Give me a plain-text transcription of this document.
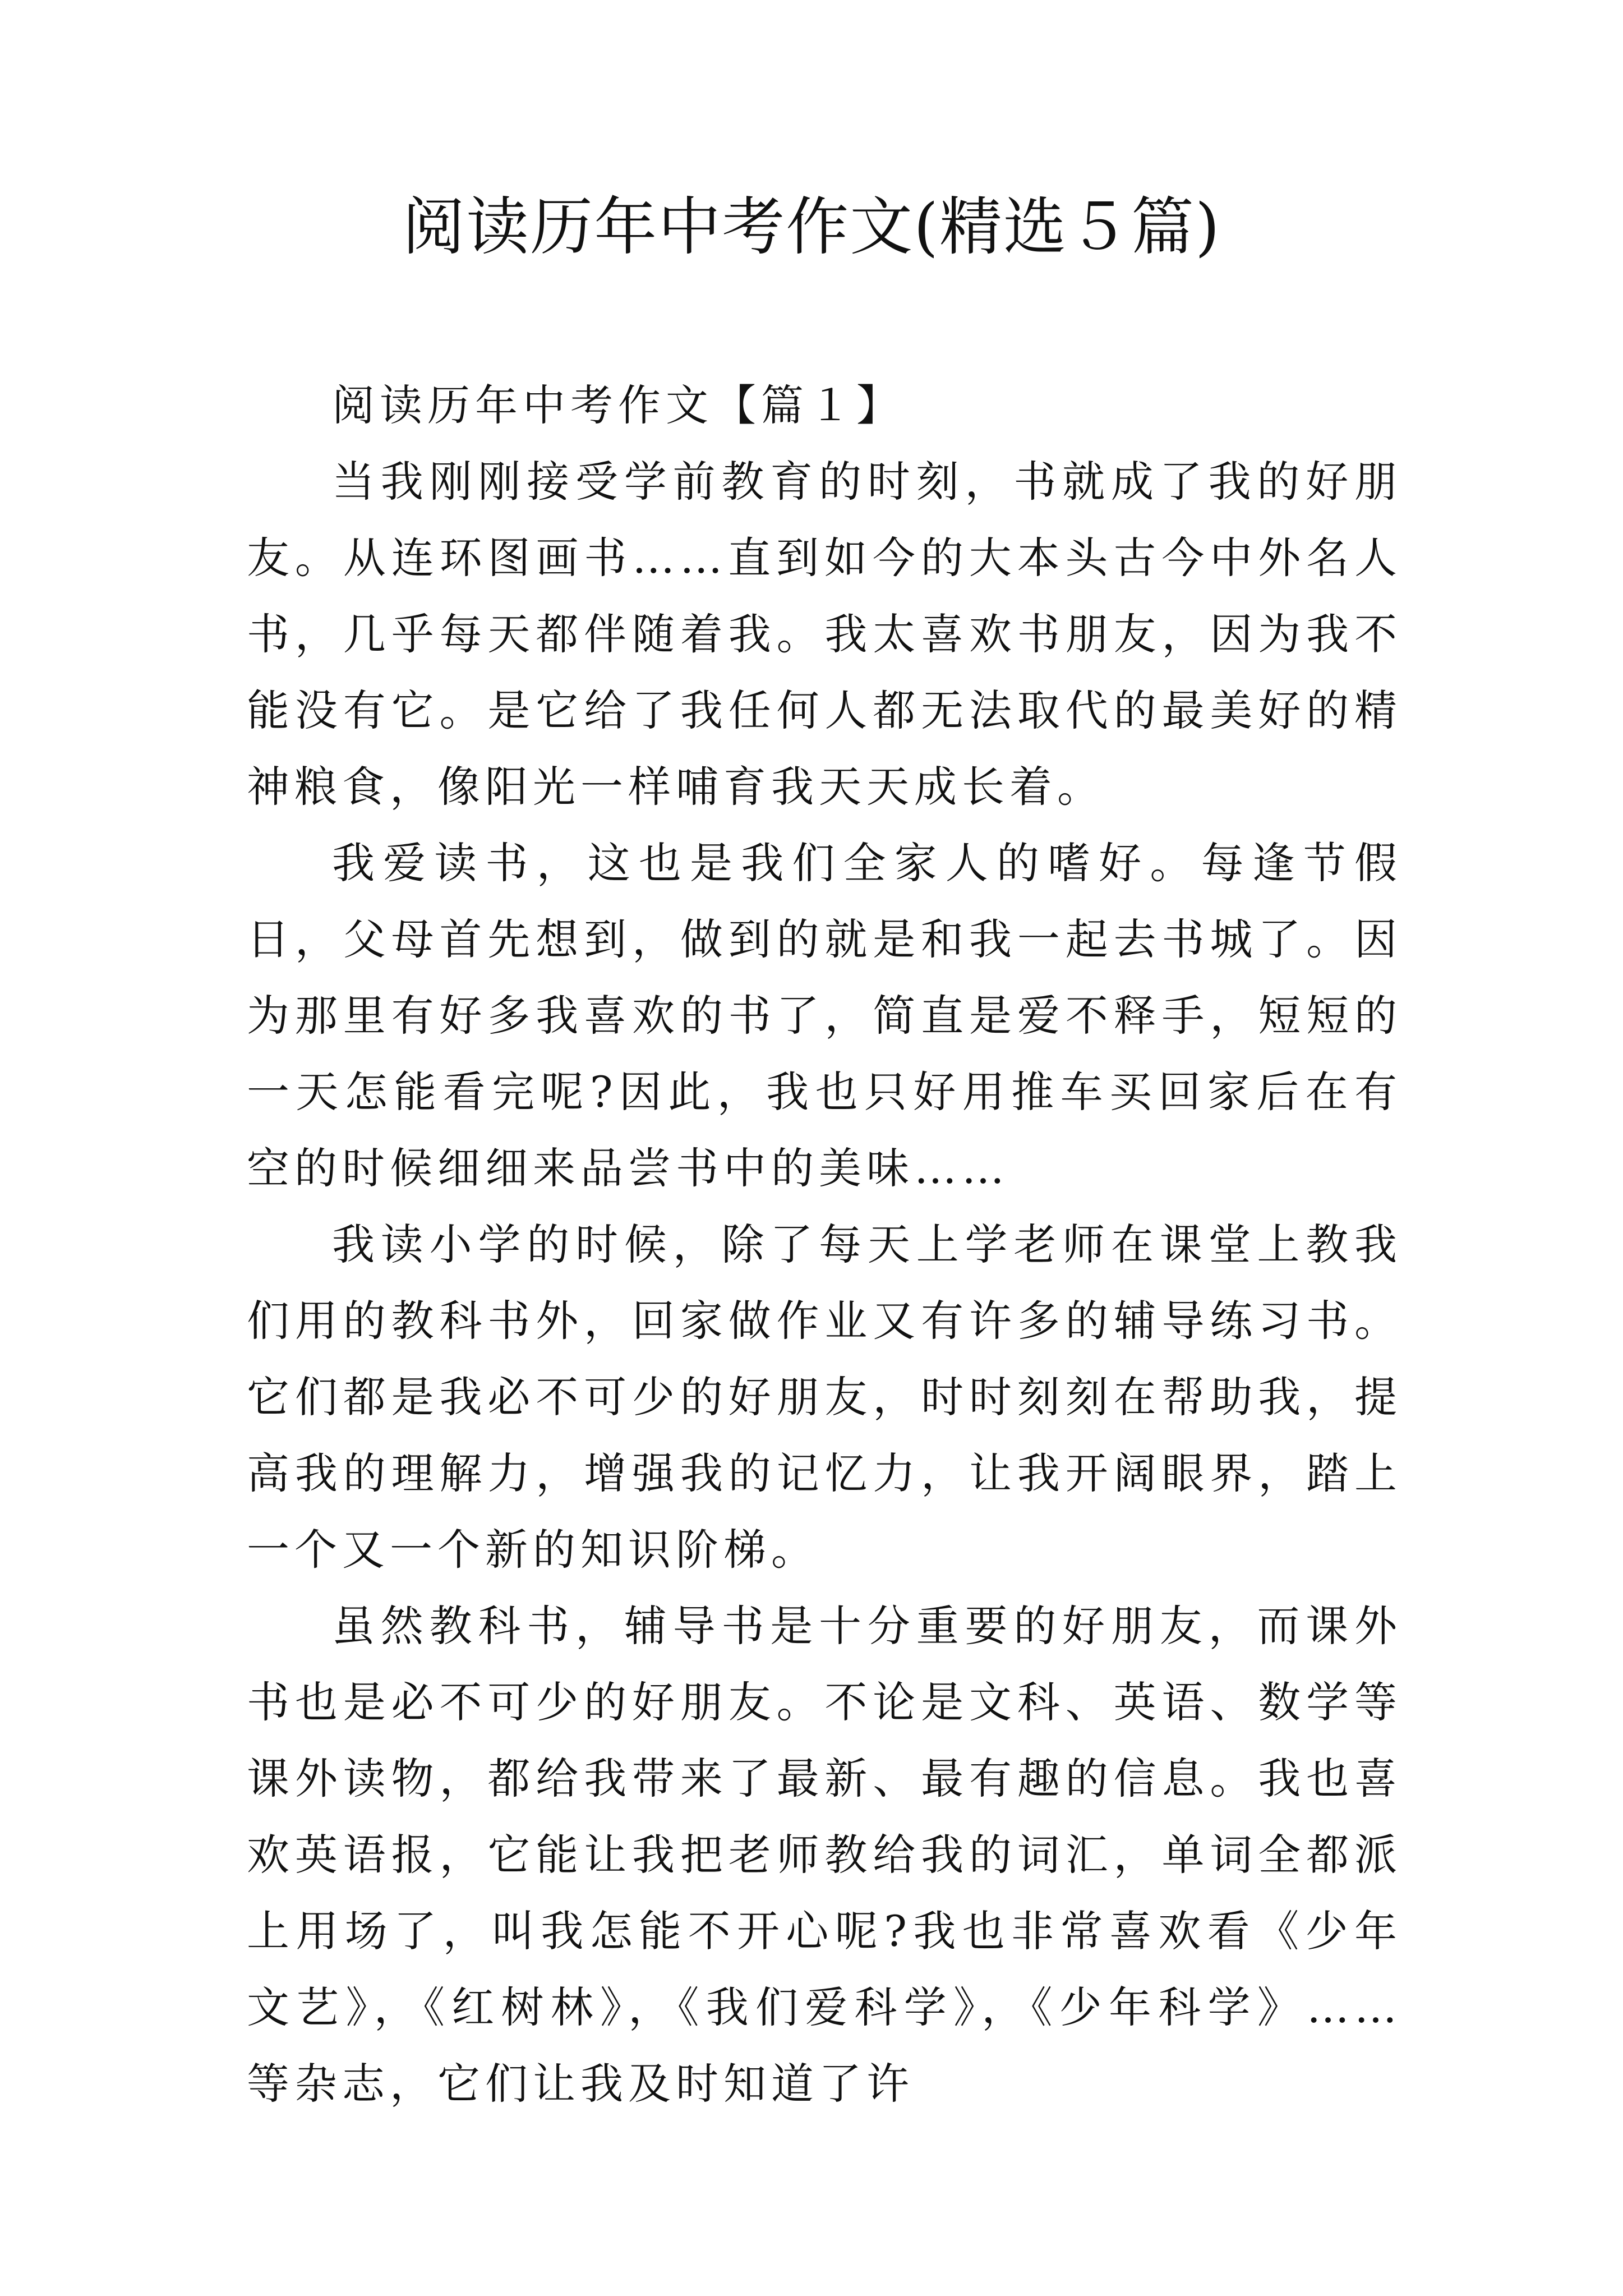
阅读历年中考作文(精选５篇)

阅读历年中考作文【篇１】

当我刚刚接受学前教育的时刻，书就成了我的好朋友。从连环图画书……直到如今的大本头古今中外名人书，几乎每天都伴随着我。我太喜欢书朋友，因为我不能没有它。是它给了我任何人都无法取代的最美好的精神粮食，像阳光一样哺育我天天成长着。

我爱读书，这也是我们全家人的嗜好。每逢节假日，父母首先想到，做到的就是和我一起去书城了。因为那里有好多我喜欢的书了，简直是爱不释手，短短的一天怎能看完呢?因此，我也只好用推车买回家后在有空的时候细细来品尝书中的美味……

我读小学的时候，除了每天上学老师在课堂上教我们用的教科书外，回家做作业又有许多的辅导练习书。它们都是我必不可少的好朋友，时时刻刻在帮助我，提高我的理解力，增强我的记忆力，让我开阔眼界，踏上一个又一个新的知识阶梯。

虽然教科书，辅导书是十分重要的好朋友，而课外书也是必不可少的好朋友。不论是文科、英语、数学等课外读物，都给我带来了最新、最有趣的信息。我也喜欢英语报，它能让我把老师教给我的词汇，单词全都派上用场了，叫我怎能不开心呢?我也非常喜欢看《少年文艺》，《红树林》，《我们爱科学》，《少年科学》……等杂志，它们让我及时知道了许
